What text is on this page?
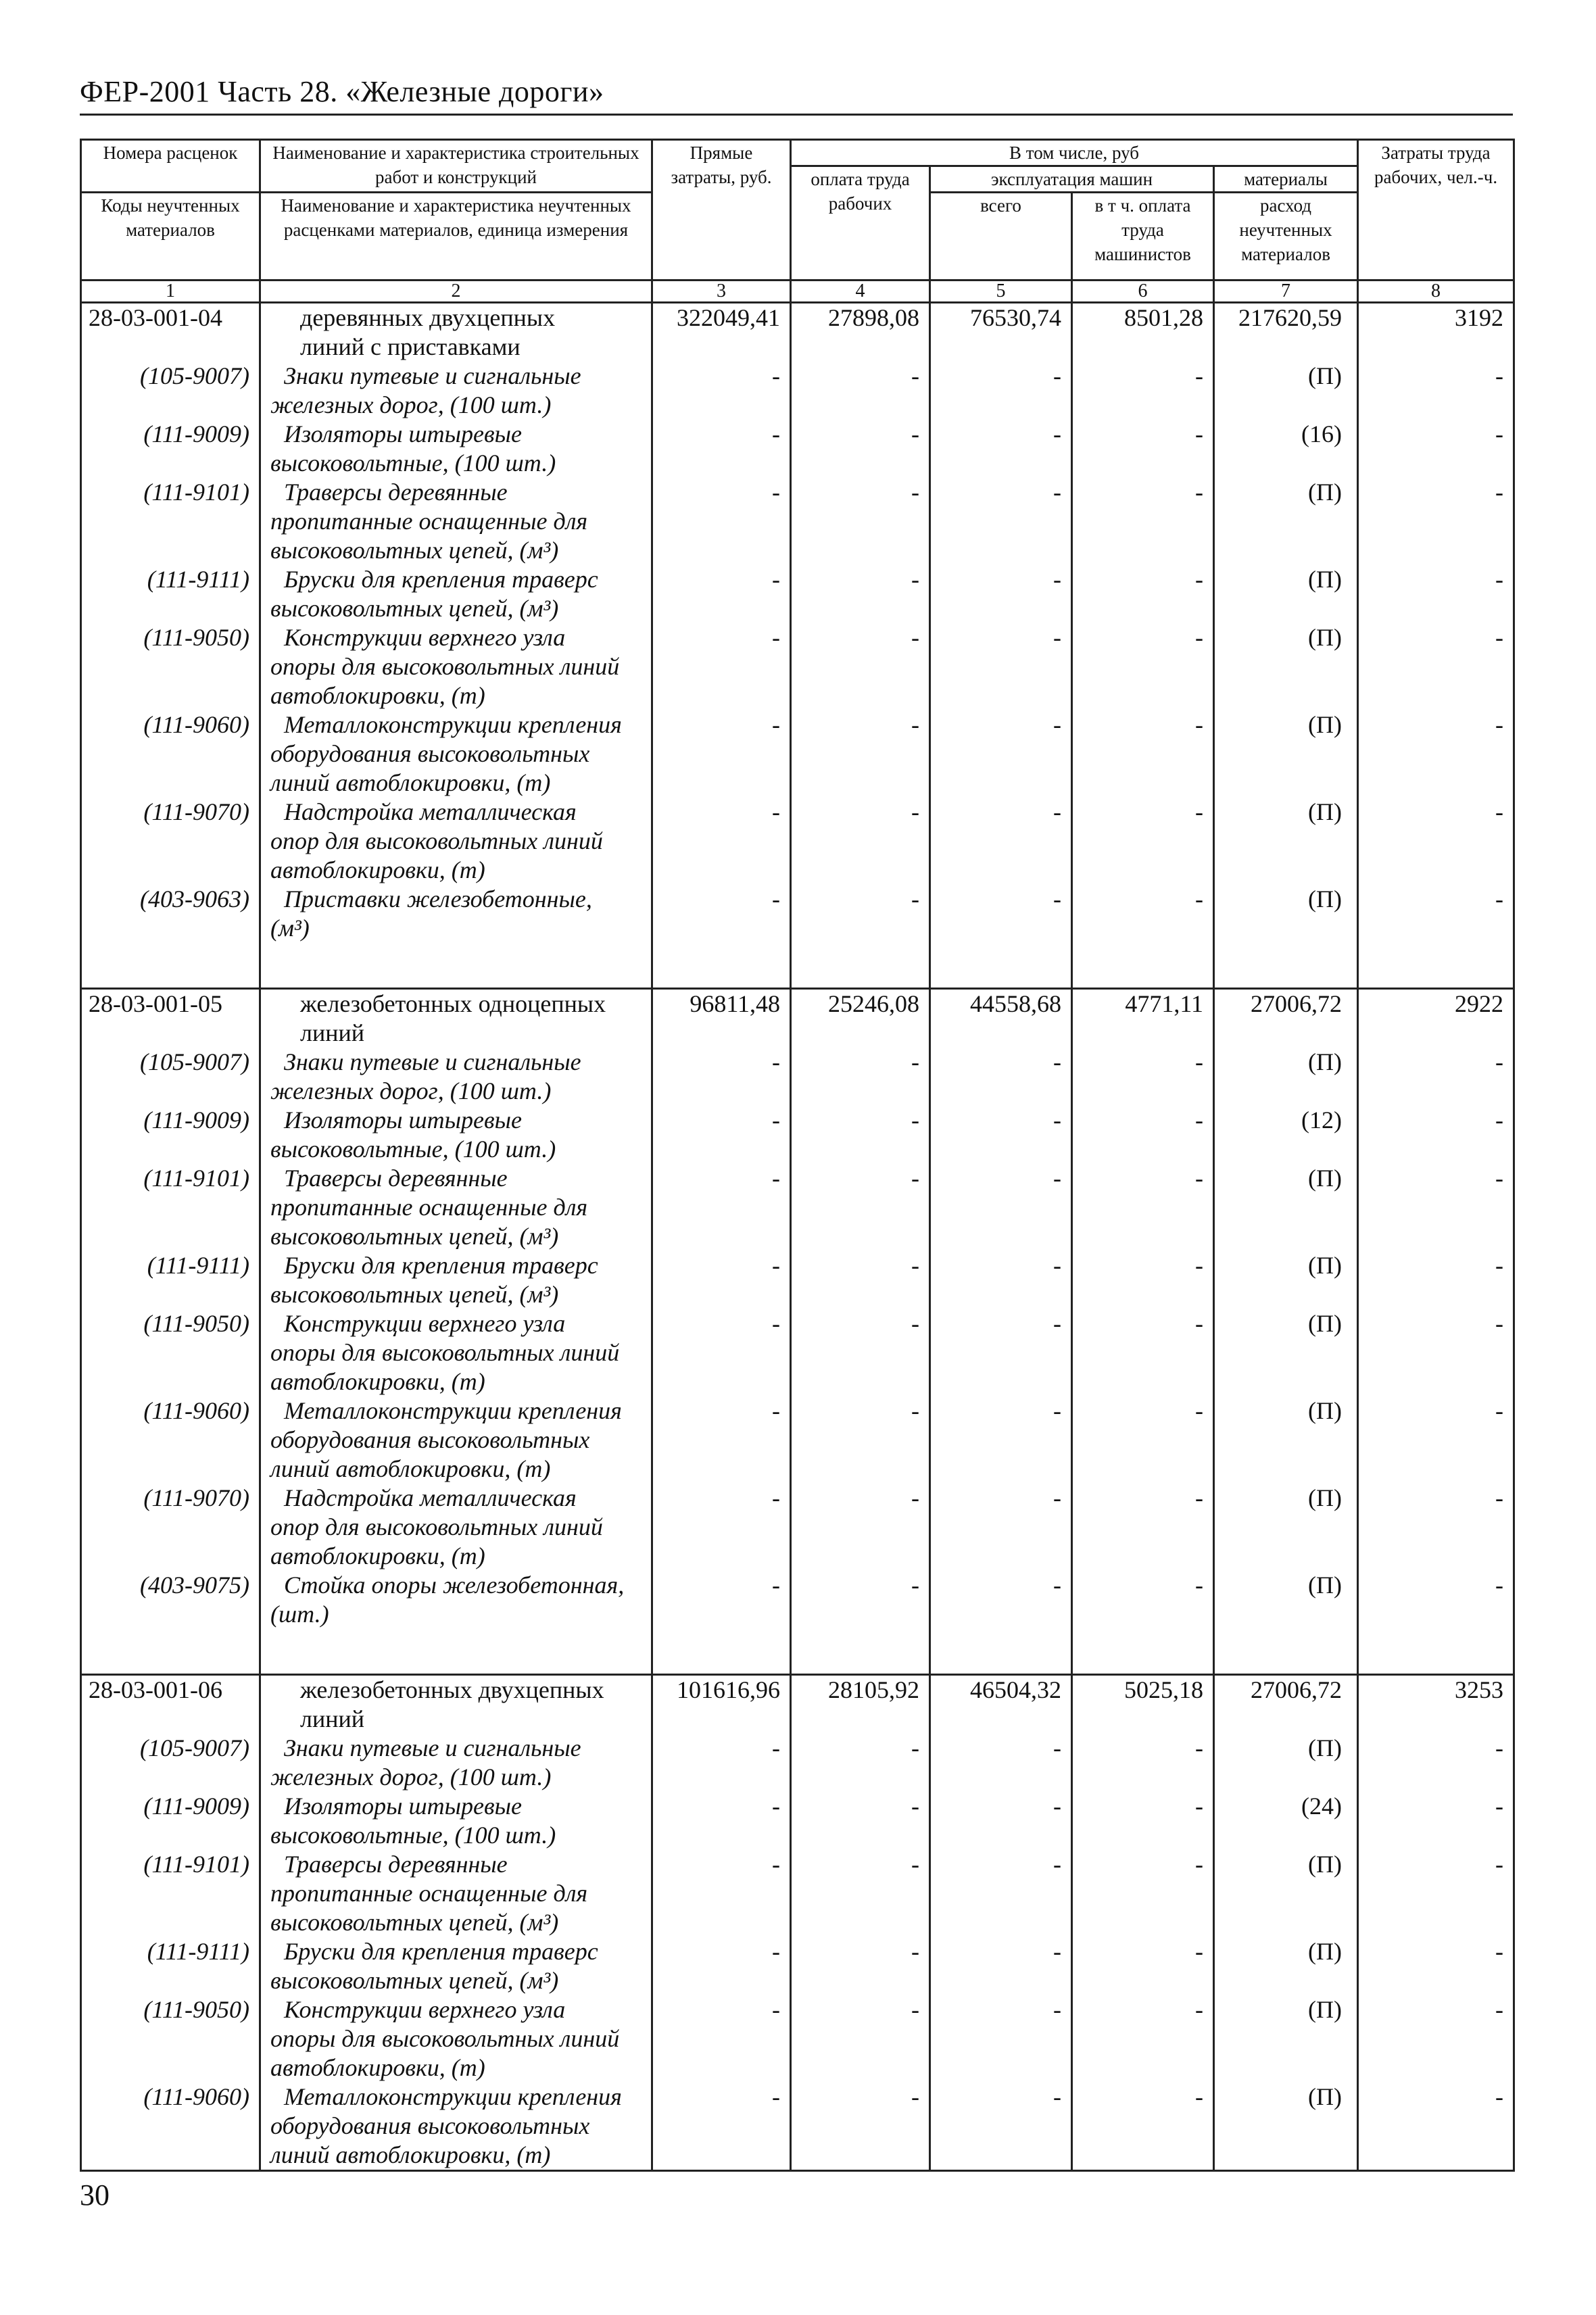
ФЕР-2001 Часть 28. «Железные дороги»
Номера расценок	Наименование и характеристика строительных работ и конструкций	Прямые затраты, руб.	В том числе, руб				Затраты труда рабочих, чел.-ч.
			оплата труда рабочих	эксплуатация машин		материалы	
Коды неучтенных материалов	Наименование и характеристика неучтенных расценками материалов, единица измерения			всего	в т ч. оплата труда машинистов	расход неучтенных материалов	

1	2	3	4	5	6	7	8
28-03-001-04	деревянных двухцепных
линий с приставками	322049,41	27898,08	76530,74	8501,28	217620,59	3192
(105-9007)	Знаки путевые и сигнальные
железных дорог, (100 шт.)	-	-	-	-	(П)	-
(111-9009)	Изоляторы штыревые
высоковольтные, (100 шт.)	-	-	-	-	(16)	-
(111-9101)	Траверсы деревянные
пропитанные оснащенные для
высоковольтных цепей, (м³)	-	-	-	-	(П)	-
(111-9111)	Бруски для крепления траверс
высоковольтных цепей, (м³)	-	-	-	-	(П)	-
(111-9050)	Конструкции верхнего узла
опоры для высоковольтных линий
автоблокировки, (т)	-	-	-	-	(П)	-
(111-9060)	Металлоконструкции крепления
оборудования высоковольтных
линий автоблокировки, (т)	-	-	-	-	(П)	-
(111-9070)	Надстройка металлическая
опор для высоковольтных линий
автоблокировки, (т)	-	-	-	-	(П)	-
(403-9063)	Приставки железобетонные,
(м³)	-	-	-	-	(П)	-

28-03-001-05	железобетонных одноцепных
линий	96811,48	25246,08	44558,68	4771,11	27006,72	2922
(105-9007)	Знаки путевые и сигнальные
железных дорог, (100 шт.)	-	-	-	-	(П)	-
(111-9009)	Изоляторы штыревые
высоковольтные, (100 шт.)	-	-	-	-	(12)	-
(111-9101)	Траверсы деревянные
пропитанные оснащенные для
высоковольтных цепей, (м³)	-	-	-	-	(П)	-
(111-9111)	Бруски для крепления траверс
высоковольтных цепей, (м³)	-	-	-	-	(П)	-
(111-9050)	Конструкции верхнего узла
опоры для высоковольтных линий
автоблокировки, (т)	-	-	-	-	(П)	-
(111-9060)	Металлоконструкции крепления
оборудования высоковольтных
линий автоблокировки, (т)	-	-	-	-	(П)	-
(111-9070)	Надстройка металлическая
опор для высоковольтных линий
автоблокировки, (т)	-	-	-	-	(П)	-
(403-9075)	Стойка опоры железобетонная,
(шт.)	-	-	-	-	(П)	-

28-03-001-06	железобетонных двухцепных
линий	101616,96	28105,92	46504,32	5025,18	27006,72	3253
(105-9007)	Знаки путевые и сигнальные
железных дорог, (100 шт.)	-	-	-	-	(П)	-
(111-9009)	Изоляторы штыревые
высоковольтные, (100 шт.)	-	-	-	-	(24)	-
(111-9101)	Траверсы деревянные
пропитанные оснащенные для
высоковольтных цепей, (м³)	-	-	-	-	(П)	-
(111-9111)	Бруски для крепления траверс
высоковольтных цепей, (м³)	-	-	-	-	(П)	-
(111-9050)	Конструкции верхнего узла
опоры для высоковольтных линий
автоблокировки, (т)	-	-	-	-	(П)	-
(111-9060)	Металлоконструкции крепления
оборудования высоковольтных
линий автоблокировки, (т)	-	-	-	-	(П)	-
30
